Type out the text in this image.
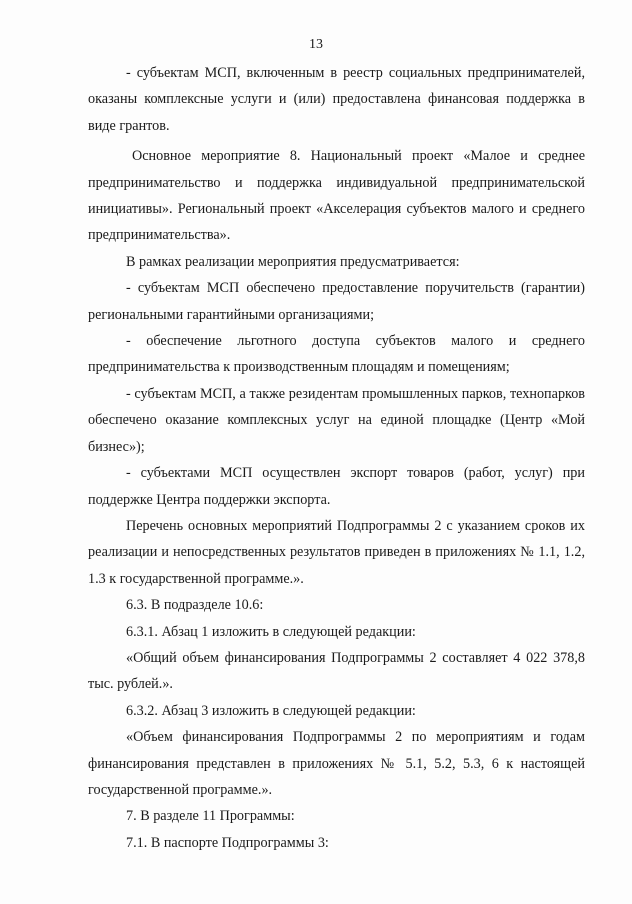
13

- субъектам МСП, включенным в реестр социальных предпринимателей, оказаны комплексные услуги и (или) предоставлена финансовая поддержка в виде грантов.

Основное мероприятие 8. Национальный проект «Малое и среднее предпринимательство и поддержка индивидуальной предпринимательской инициативы». Региональный проект «Акселерация субъектов малого и среднего предпринимательства».

В рамках реализации мероприятия предусматривается:

- субъектам МСП обеспечено предоставление поручительств (гарантии) региональными гарантийными организациями;

- обеспечение льготного доступа субъектов малого и среднего предпринимательства к производственным площадям и помещениям;

- субъектам МСП, а также резидентам промышленных парков, технопарков обеспечено оказание комплексных услуг на единой площадке (Центр «Мой бизнес»);

- субъектами МСП осуществлен экспорт товаров (работ, услуг) при поддержке Центра поддержки экспорта.

Перечень основных мероприятий Подпрограммы 2 с указанием сроков их реализации и непосредственных результатов приведен в приложениях № 1.1, 1.2, 1.3 к государственной программе.».

6.3. В подразделе 10.6:

6.3.1. Абзац 1 изложить в следующей редакции:

«Общий объем финансирования Подпрограммы 2 составляет 4 022 378,8 тыс. рублей.».

6.3.2. Абзац 3 изложить в следующей редакции:

«Объем финансирования Подпрограммы 2 по мероприятиям и годам финансирования представлен в приложениях № 5.1, 5.2, 5.3, 6 к настоящей государственной программе.».

7. В разделе 11 Программы:

7.1. В паспорте Подпрограммы 3:
